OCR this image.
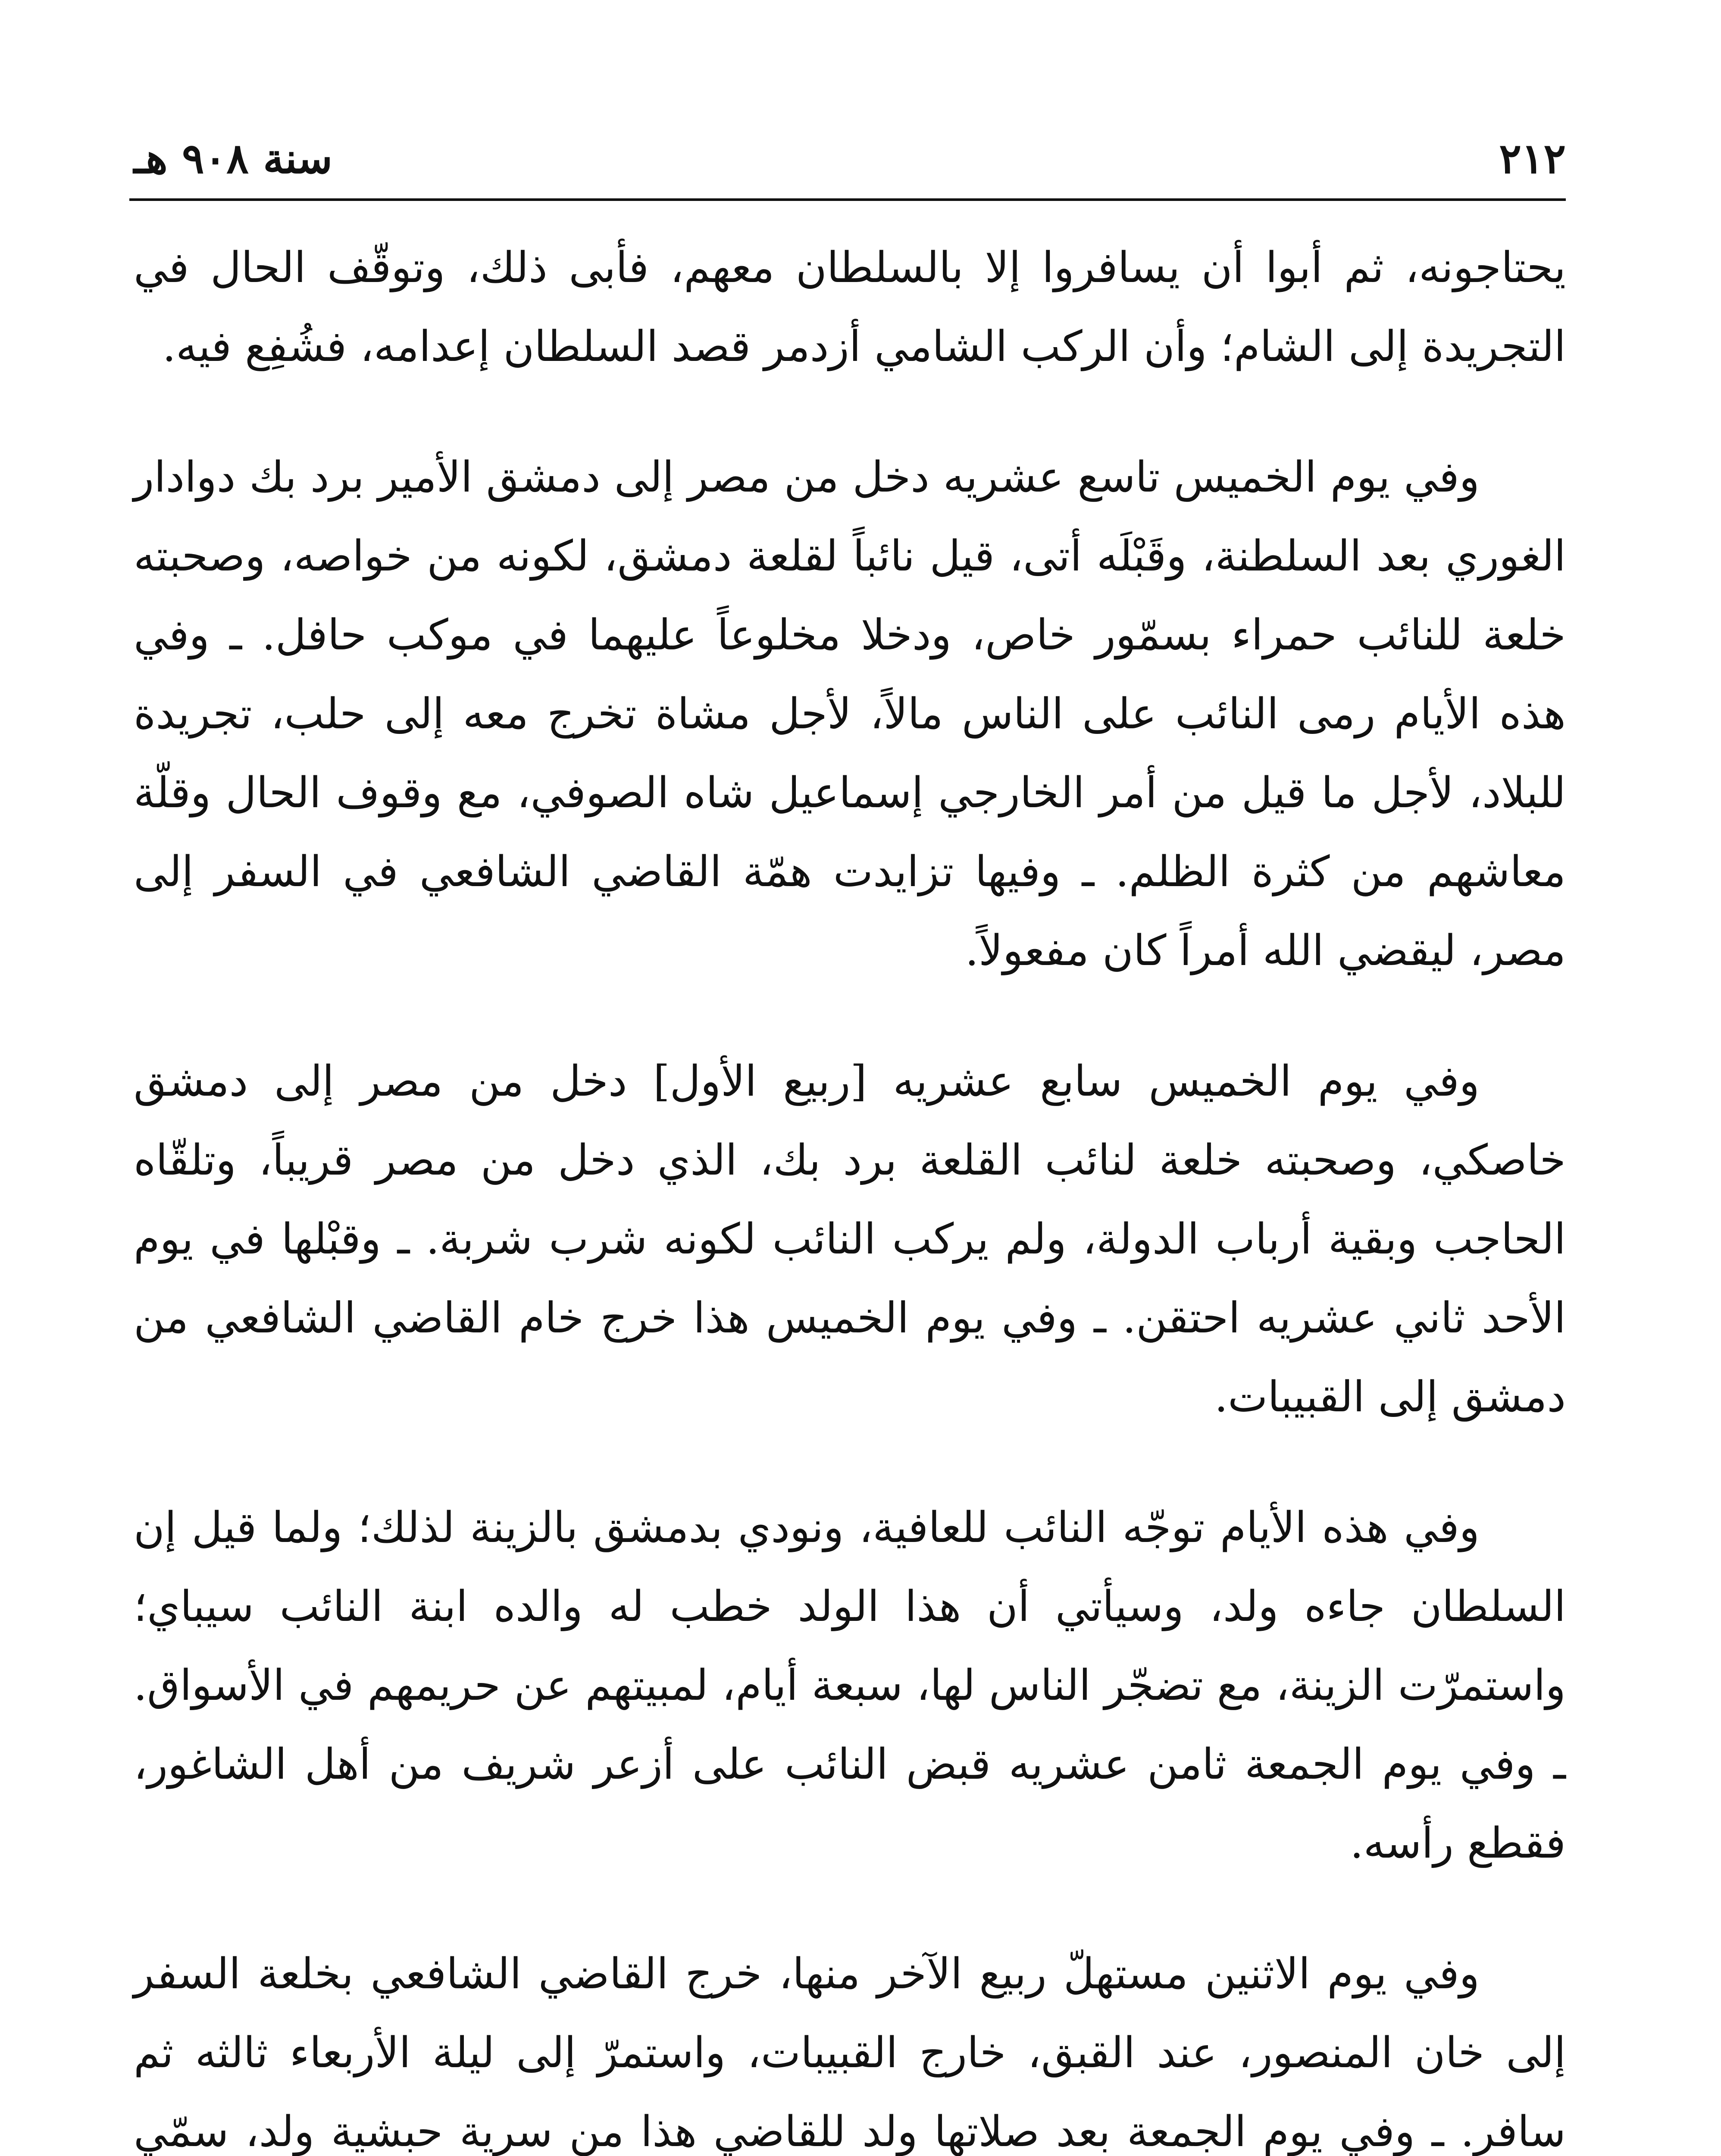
٢١٢
سنة ٩٠٨ هـ

يحتاجونه، ثم أبوا أن يسافروا إلا بالسلطان معهم، فأبى ذلك، وتوقّف الحال في التجريدة إلى الشام؛ وأن الركب الشامي أزدمر قصد السلطان إعدامه، فشُفِع فيه.

وفي يوم الخميس تاسع عشريه دخل من مصر إلى دمشق الأمير برد بك دوادار الغوري بعد السلطنة، وقَبْلَه أتى، قيل نائباً لقلعة دمشق، لكونه من خواصه، وصحبته خلعة للنائب حمراء بسمّور خاص، ودخلا مخلوعاً عليهما في موكب حافل. ـ وفي هذه الأيام رمى النائب على الناس مالاً، لأجل مشاة تخرج معه إلى حلب، تجريدة للبلاد، لأجل ما قيل من أمر الخارجي إسماعيل شاه الصوفي، مع وقوف الحال وقلّة معاشهم من كثرة الظلم. ـ وفيها تزايدت همّة القاضي الشافعي في السفر إلى مصر، ليقضي الله أمراً كان مفعولاً.

وفي يوم الخميس سابع عشريه [ربيع الأول] دخل من مصر إلى دمشق خاصكي، وصحبته خلعة لنائب القلعة برد بك، الذي دخل من مصر قريباً، وتلقّاه الحاجب وبقية أرباب الدولة، ولم يركب النائب لكونه شرب شربة. ـ وقبْلها في يوم الأحد ثاني عشريه احتقن. ـ وفي يوم الخميس هذا خرج خام القاضي الشافعي من دمشق إلى القبيبات.

وفي هذه الأيام توجّه النائب للعافية، ونودي بدمشق بالزينة لذلك؛ ولما قيل إن السلطان جاءه ولد، وسيأتي أن هذا الولد خطب له والده ابنة النائب سيباي؛ واستمرّت الزينة، مع تضجّر الناس لها، سبعة أيام، لمبيتهم عن حريمهم في الأسواق. ـ وفي يوم الجمعة ثامن عشريه قبض النائب على أزعر شريف من أهل الشاغور، فقطع رأسه.

وفي يوم الاثنين مستهلّ ربيع الآخر منها، خرج القاضي الشافعي بخلعة السفر إلى خان المنصور، عند القبق، خارج القبيبات، واستمرّ إلى ليلة الأربعاء ثالثه ثم سافر. ـ وفي يوم الجمعة بعد صلاتها ولد للقاضي هذا من سرية حبشية ولد، سمّي
